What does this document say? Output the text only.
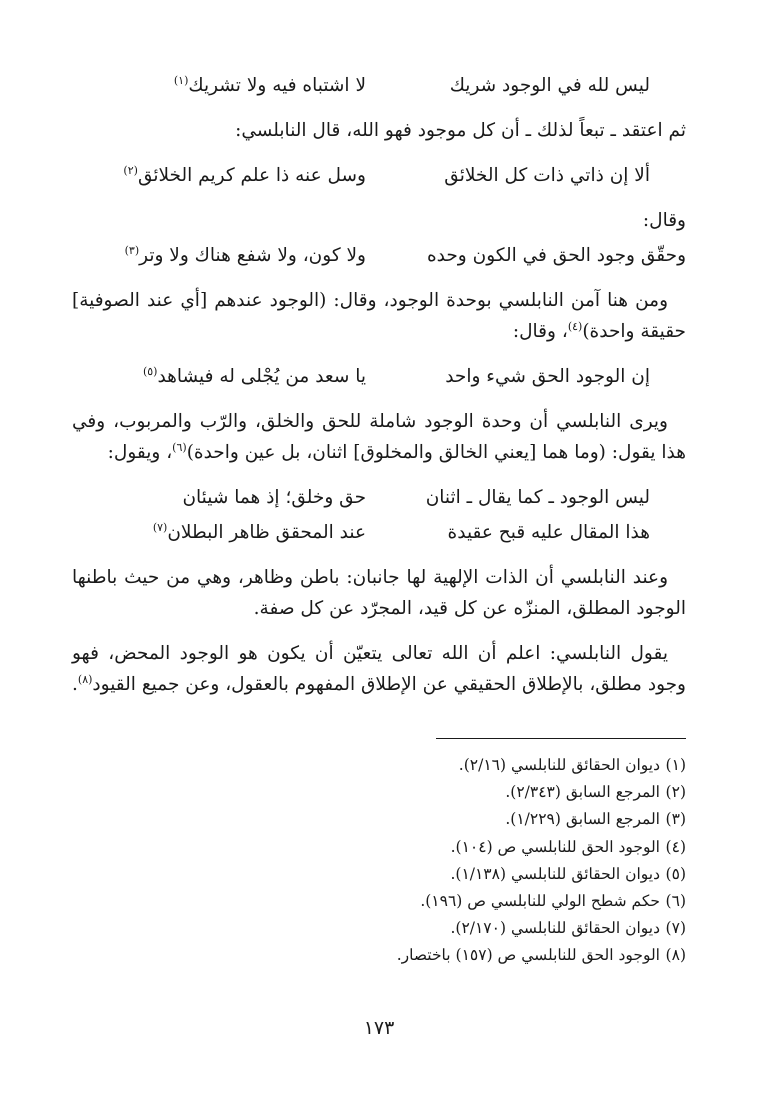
ليس لله في الوجود شريك
لا اشتباه فيه ولا تشريك$^{(١)}$

ثم اعتقد ـ تبعاً لذلك ـ أن كل موجود فهو الله، قال النابلسي:

ألا إن ذاتي ذات كل الخلائق
وسل عنه ذا علم كريم الخلائق$^{(٢)}$

وقال:

وحقّق وجود الحق في الكون وحده
ولا كون، ولا شفع هناك ولا وتر$^{(٣)}$

ومن هنا آمن النابلسي بوحدة الوجود، وقال: (الوجود عندهم [أي عند الصوفية] حقيقة واحدة)$^{(٤)}$، وقال:

إن الوجود الحق شيء واحد
يا سعد من يُجْلى له فيشاهد$^{(٥)}$

ويرى النابلسي أن وحدة الوجود شاملة للحق والخلق، والرّب والمربوب، وفي هذا يقول: (وما هما [يعني الخالق والمخلوق] اثنان، بل عين واحدة)$^{(٦)}$، ويقول:

ليس الوجود ـ كما يقال ـ اثنان
حق وخلق؛ إذ هما شيئان
هذا المقال عليه قبح عقيدة
عند المحقق ظاهر البطلان$^{(٧)}$

وعند النابلسي أن الذات الإلهية لها جانبان: باطن وظاهر، وهي من حيث باطنها الوجود المطلق، المنزّه عن كل قيد، المجرّد عن كل صفة.

يقول النابلسي: اعلم أن الله تعالى يتعيّن أن يكون هو الوجود المحض، فهو وجود مطلق، بالإطلاق الحقيقي عن الإطلاق المفهوم بالعقول، وعن جميع القيود$^{(٨)}$.

(١)ديوان الحقائق للنابلسي (٢/١٦).
(٢)المرجع السابق (٢/٣٤٣).
(٣)المرجع السابق (١/٢٢٩).
(٤)الوجود الحق للنابلسي ص (١٠٤).
(٥)ديوان الحقائق للنابلسي (١/١٣٨).
(٦)حكم شطح الولي للنابلسي ص (١٩٦).
(٧)ديوان الحقائق للنابلسي (٢/١٧٠).
(٨)الوجود الحق للنابلسي ص (١٥٧) باختصار.
١٧٣
